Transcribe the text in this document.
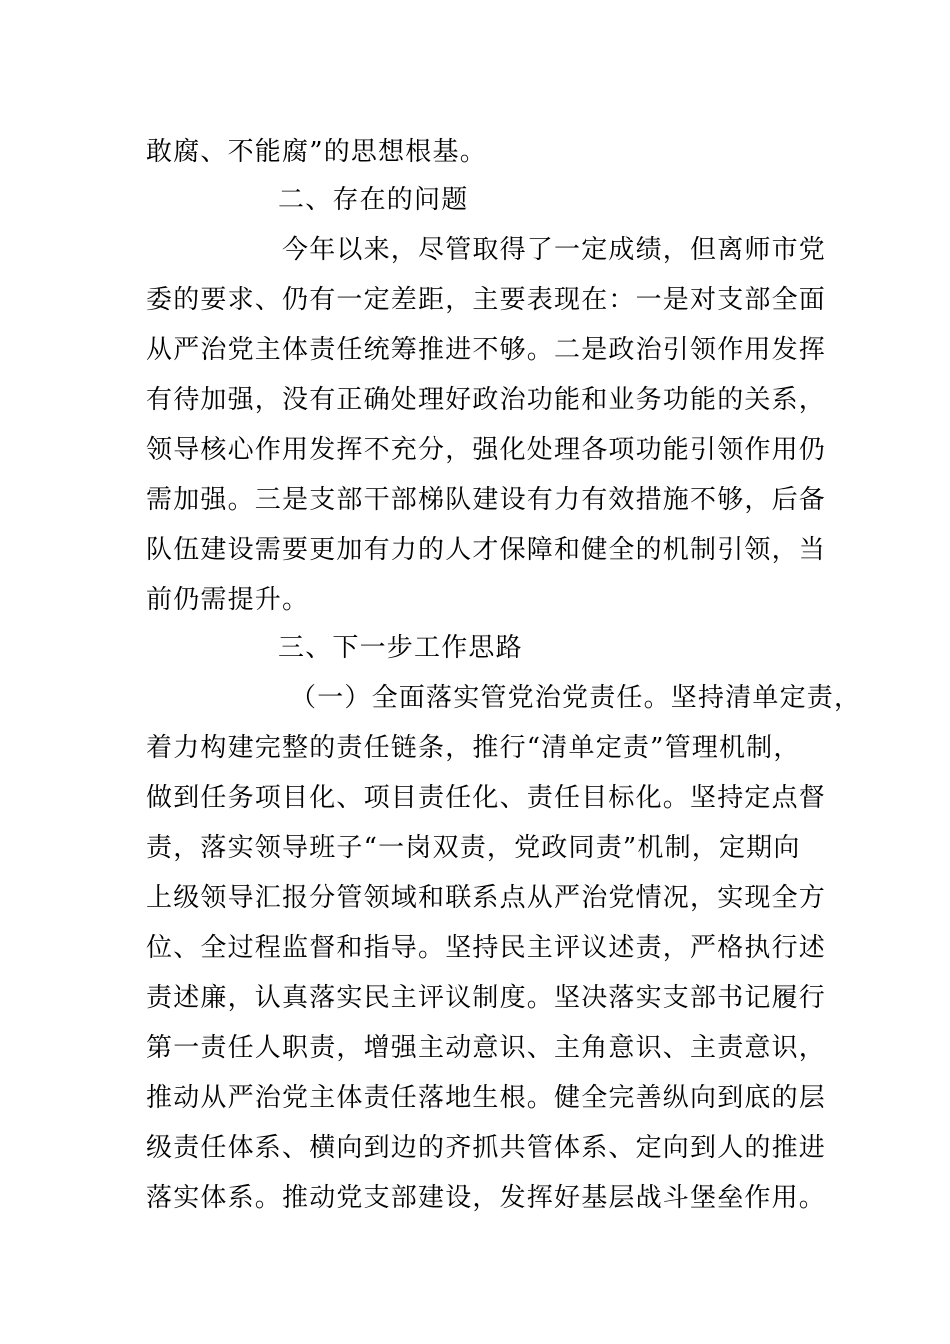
敢腐、不能腐”的思想根基。
二、存在的问题
今年以来，尽管取得了一定成绩，但离师市党
委的要求、仍有一定差距，主要表现在：一是对支部全面
从严治党主体责任统筹推进不够。二是政治引领作用发挥
有待加强，没有正确处理好政治功能和业务功能的关系，
领导核心作用发挥不充分，强化处理各项功能引领作用仍
需加强。三是支部干部梯队建设有力有效措施不够，后备
队伍建设需要更加有力的人才保障和健全的机制引领，当
前仍需提升。
三、下一步工作思路
（一）全面落实管党治党责任。坚持清单定责，
着力构建完整的责任链条，推行“清单定责”管理机制，
做到任务项目化、项目责任化、责任目标化。坚持定点督
责，落实领导班子“一岗双责，党政同责”机制，定期向
上级领导汇报分管领域和联系点从严治党情况，实现全方
位、全过程监督和指导。坚持民主评议述责，严格执行述
责述廉，认真落实民主评议制度。坚决落实支部书记履行
第一责任人职责，增强主动意识、主角意识、主责意识，
推动从严治党主体责任落地生根。健全完善纵向到底的层
级责任体系、横向到边的齐抓共管体系、定向到人的推进
落实体系。推动党支部建设，发挥好基层战斗堡垒作用。
